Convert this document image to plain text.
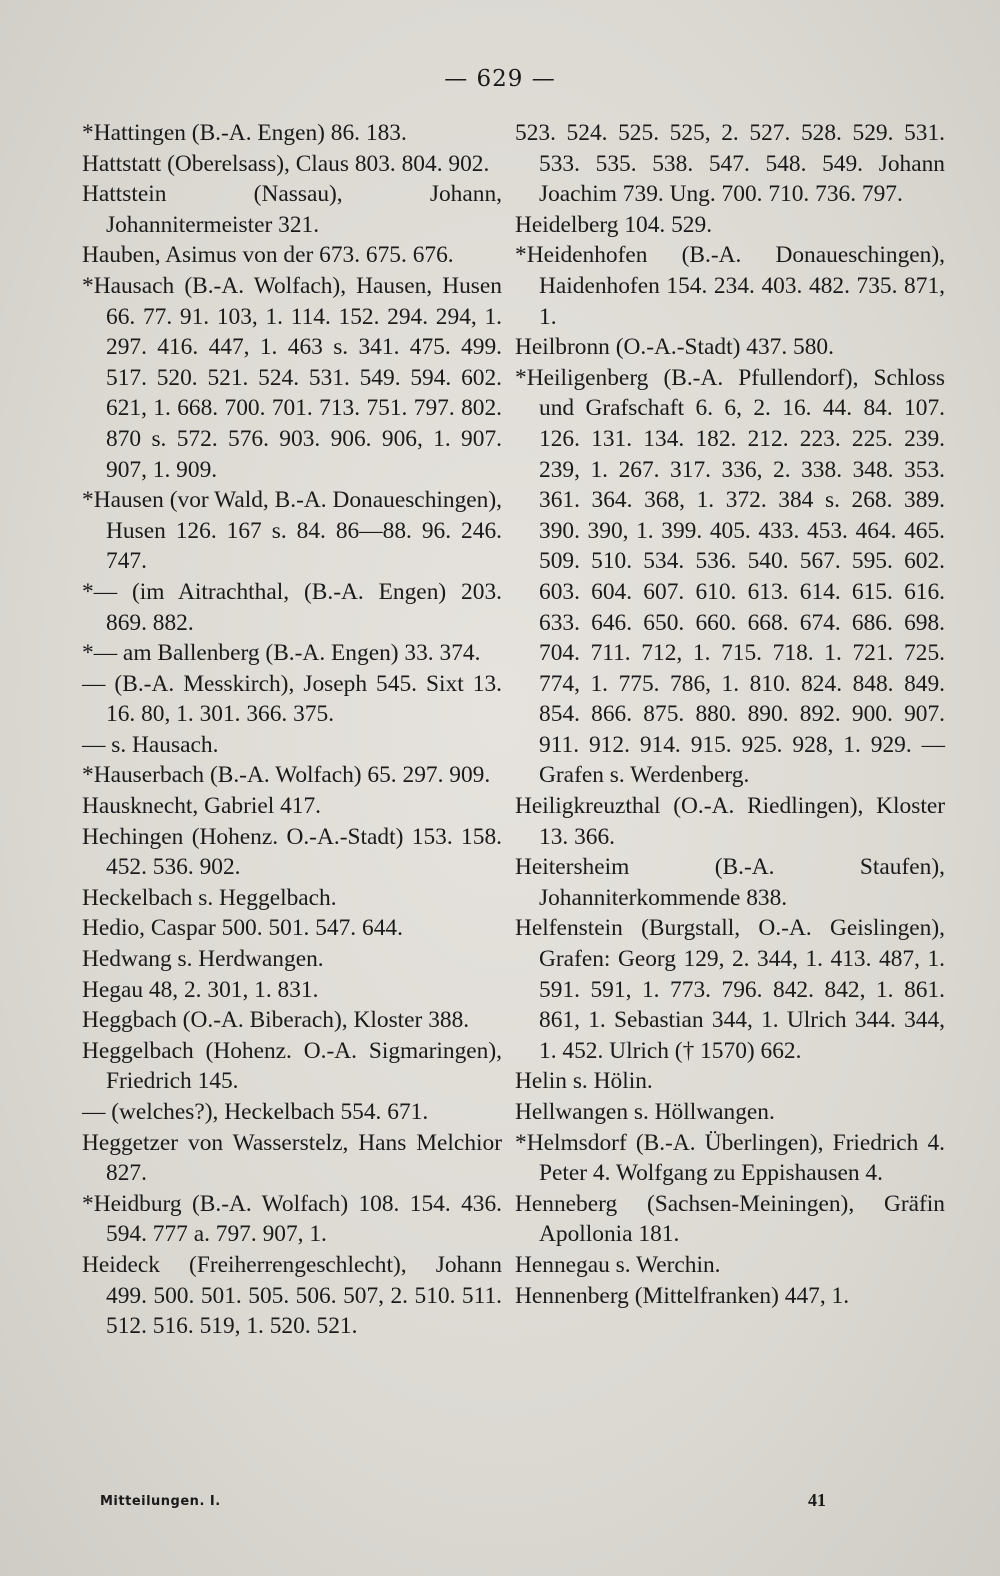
— 629 —

*Hattingen (B.-A. Engen) 86. 183.

Hattstatt (Oberelsass), Claus 803. 804. 902.

Hattstein (Nassau), Johann, Johannitermeister 321.

Hauben, Asimus von der 673. 675. 676.

*Hausach (B.-A. Wolfach), Hausen, Husen 66. 77. 91. 103, 1. 114. 152. 294. 294, 1. 297. 416. 447, 1. 463 s. 341. 475. 499. 517. 520. 521. 524. 531. 549. 594. 602. 621, 1. 668. 700. 701. 713. 751. 797. 802. 870 s. 572. 576. 903. 906. 906, 1. 907. 907, 1. 909.

*Hausen (vor Wald, B.-A. Donaueschingen), Husen 126. 167 s. 84. 86—88. 96. 246. 747.

*— (im Aitrachthal, (B.-A. Engen) 203. 869. 882.

*— am Ballenberg (B.-A. Engen) 33. 374.

— (B.-A. Messkirch), Joseph 545. Sixt 13. 16. 80, 1. 301. 366. 375.

— s. Hausach.

*Hauserbach (B.-A. Wolfach) 65. 297. 909.

Hausknecht, Gabriel 417.

Hechingen (Hohenz. O.-A.-Stadt) 153. 158. 452. 536. 902.

Heckelbach s. Heggelbach.

Hedio, Caspar 500. 501. 547. 644.

Hedwang s. Herdwangen.

Hegau 48, 2. 301, 1. 831.

Heggbach (O.-A. Biberach), Kloster 388.

Heggelbach (Hohenz. O.-A. Sigmaringen), Friedrich 145.

— (welches?), Heckelbach 554. 671.

Heggetzer von Wasserstelz, Hans Melchior 827.

*Heidburg (B.-A. Wolfach) 108. 154. 436. 594. 777 a. 797. 907, 1.

Heideck (Freiherrengeschlecht), Johann 499. 500. 501. 505. 506. 507, 2. 510. 511. 512. 516. 519, 1. 520. 521.

523. 524. 525. 525, 2. 527. 528. 529. 531. 533. 535. 538. 547. 548. 549. Johann Joachim 739. Ung. 700. 710. 736. 797.

Heidelberg 104. 529.

*Heidenhofen (B.-A. Donaueschingen), Haidenhofen 154. 234. 403. 482. 735. 871, 1.

Heilbronn (O.-A.-Stadt) 437. 580.

*Heiligenberg (B.-A. Pfullendorf), Schloss und Grafschaft 6. 6, 2. 16. 44. 84. 107. 126. 131. 134. 182. 212. 223. 225. 239. 239, 1. 267. 317. 336, 2. 338. 348. 353. 361. 364. 368, 1. 372. 384 s. 268. 389. 390. 390, 1. 399. 405. 433. 453. 464. 465. 509. 510. 534. 536. 540. 567. 595. 602. 603. 604. 607. 610. 613. 614. 615. 616. 633. 646. 650. 660. 668. 674. 686. 698. 704. 711. 712, 1. 715. 718. 1. 721. 725. 774, 1. 775. 786, 1. 810. 824. 848. 849. 854. 866. 875. 880. 890. 892. 900. 907. 911. 912. 914. 915. 925. 928, 1. 929. — Grafen s. Werdenberg.

Heiligkreuzthal (O.-A. Riedlingen), Kloster 13. 366.

Heitersheim (B.-A. Staufen), Johanniterkommende 838.

Helfenstein (Burgstall, O.-A. Geislingen), Grafen: Georg 129, 2. 344, 1. 413. 487, 1. 591. 591, 1. 773. 796. 842. 842, 1. 861. 861, 1. Sebastian 344, 1. Ulrich 344. 344, 1. 452. Ulrich († 1570) 662.

Helin s. Hölin.

Hellwangen s. Höllwangen.

*Helmsdorf (B.-A. Überlingen), Friedrich 4. Peter 4. Wolfgang zu Eppishausen 4.

Henneberg (Sachsen-Meiningen), Gräfin Apollonia 181.

Hennegau s. Werchin.

Hennenberg (Mittelfranken) 447, 1.

Mitteilungen. I.	41
